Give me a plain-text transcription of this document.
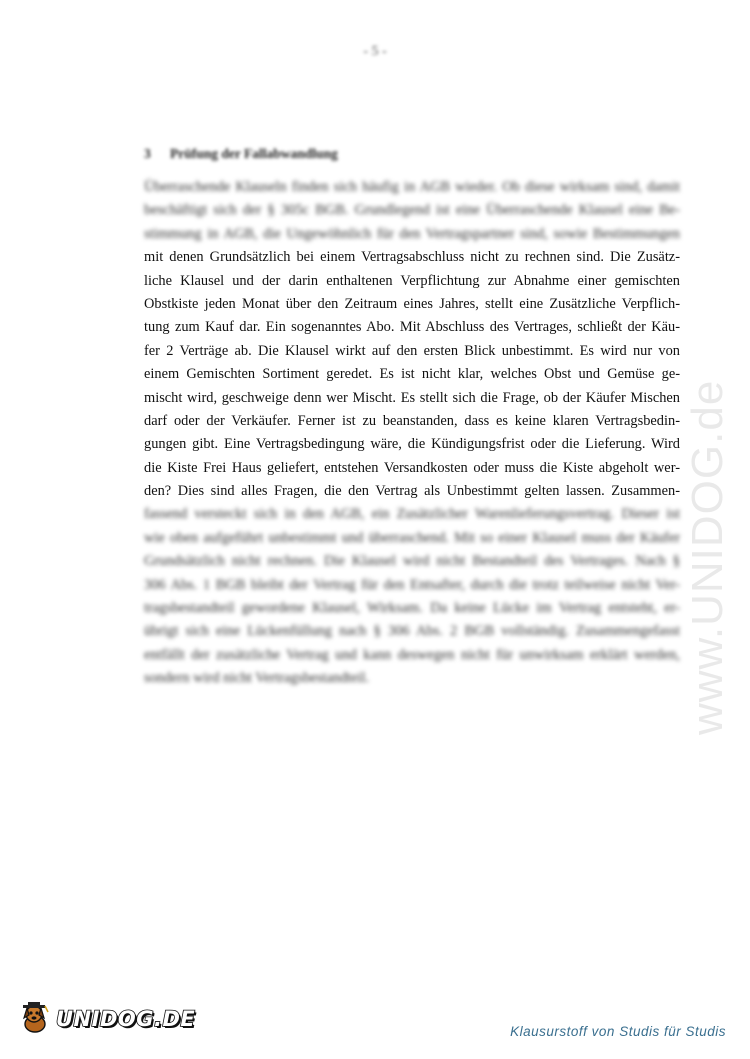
- 5 -
3 Prüfung der Fallabwandlung
Überraschende Klauseln finden sich häufig in AGB wieder. Ob diese wirksam sind, damit
beschäftigt sich der § 305c BGB. Grundlegend ist eine Überraschende Klausel eine Be-
stimmung in AGB, die Ungewöhnlich für den Vertragspartner sind, sowie Bestimmungen
mit denen Grundsätzlich bei einem Vertragsabschluss nicht zu rechnen sind. Die Zusätz-
liche Klausel und der darin enthaltenen Verpflichtung zur Abnahme einer gemischten
Obstkiste jeden Monat über den Zeitraum eines Jahres, stellt eine Zusätzliche Verpflich-
tung zum Kauf dar. Ein sogenanntes Abo. Mit Abschluss des Vertrages, schließt der Käu-
fer 2 Verträge ab. Die Klausel wirkt auf den ersten Blick unbestimmt. Es wird nur von
einem Gemischten Sortiment geredet. Es ist nicht klar, welches Obst und Gemüse ge-
mischt wird, geschweige denn wer Mischt. Es stellt sich die Frage, ob der Käufer Mischen
darf oder der Verkäufer. Ferner ist zu beanstanden, dass es keine klaren Vertragsbedin-
gungen gibt. Eine Vertragsbedingung wäre, die Kündigungsfrist oder die Lieferung. Wird
die Kiste Frei Haus geliefert, entstehen Versandkosten oder muss die Kiste abgeholt wer-
den? Dies sind alles Fragen, die den Vertrag als Unbestimmt gelten lassen. Zusammen-
fassend versteckt sich in den AGB, ein Zusätzlicher Warenlieferungsvertrag. Dieser ist
wie oben aufgeführt unbestimmt und überraschend. Mit so einer Klausel muss der Käufer
Grundsätzlich nicht rechnen. Die Klausel wird nicht Bestandteil des Vertrages. Nach §
306 Abs. 1 BGB bleibt der Vertrag für den Entsafter, durch die trotz teilweise nicht Ver-
tragsbestandteil gewordene Klausel, Wirksam. Da keine Lücke im Vertrag entsteht, er-
übrigt sich eine Lückenfüllung nach § 306 Abs. 2 BGB vollständig. Zusammengefasst
entfällt der zusätzliche Vertrag und kann deswegen nicht für unwirksam erklärt werden,
sondern wird nicht Vertragsbestandteil.	www.UNIDOG.de
UNIDOG.DE
Klausurstoff von Studis für Studis
